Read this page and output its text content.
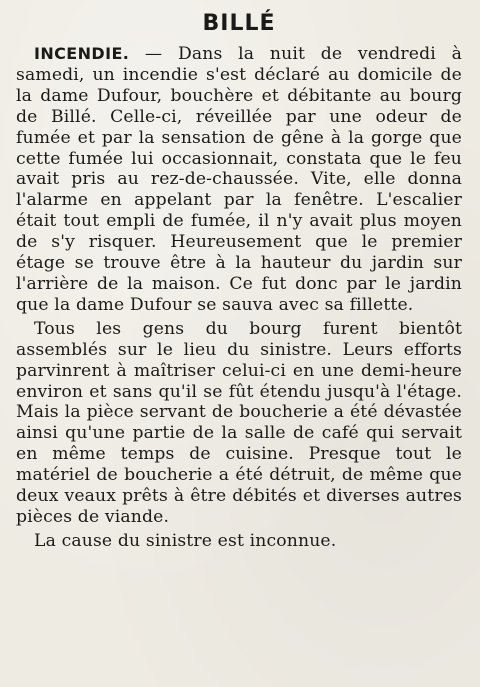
BILLÉ

INCENDIE. — Dans la nuit de vendredi à samedi, un incendie s'est déclaré au domicile de la dame Dufour, bouchère et débitante au bourg de Billé. Celle-ci, réveillée par une odeur de fumée et par la sensation de gêne à la gorge que cette fumée lui occasionnait, constata que le feu avait pris au rez-de-chaussée. Vite, elle donna l'alarme en appelant par la fenêtre. L'escalier était tout empli de fumée, il n'y avait plus moyen de s'y risquer. Heureusement que le premier étage se trouve être à la hauteur du jardin sur l'arrière de la maison. Ce fut donc par le jardin que la dame Dufour se sauva avec sa fillette.

Tous les gens du bourg furent bientôt assemblés sur le lieu du sinistre. Leurs efforts parvinrent à maîtriser celui-ci en une demi-heure environ et sans qu'il se fût étendu jusqu'à l'étage. Mais la pièce servant de boucherie a été dévastée ainsi qu'une partie de la salle de café qui servait en même temps de cuisine. Presque tout le matériel de boucherie a été détruit, de même que deux veaux prêts à être débités et diverses autres pièces de viande.

La cause du sinistre est inconnue.
